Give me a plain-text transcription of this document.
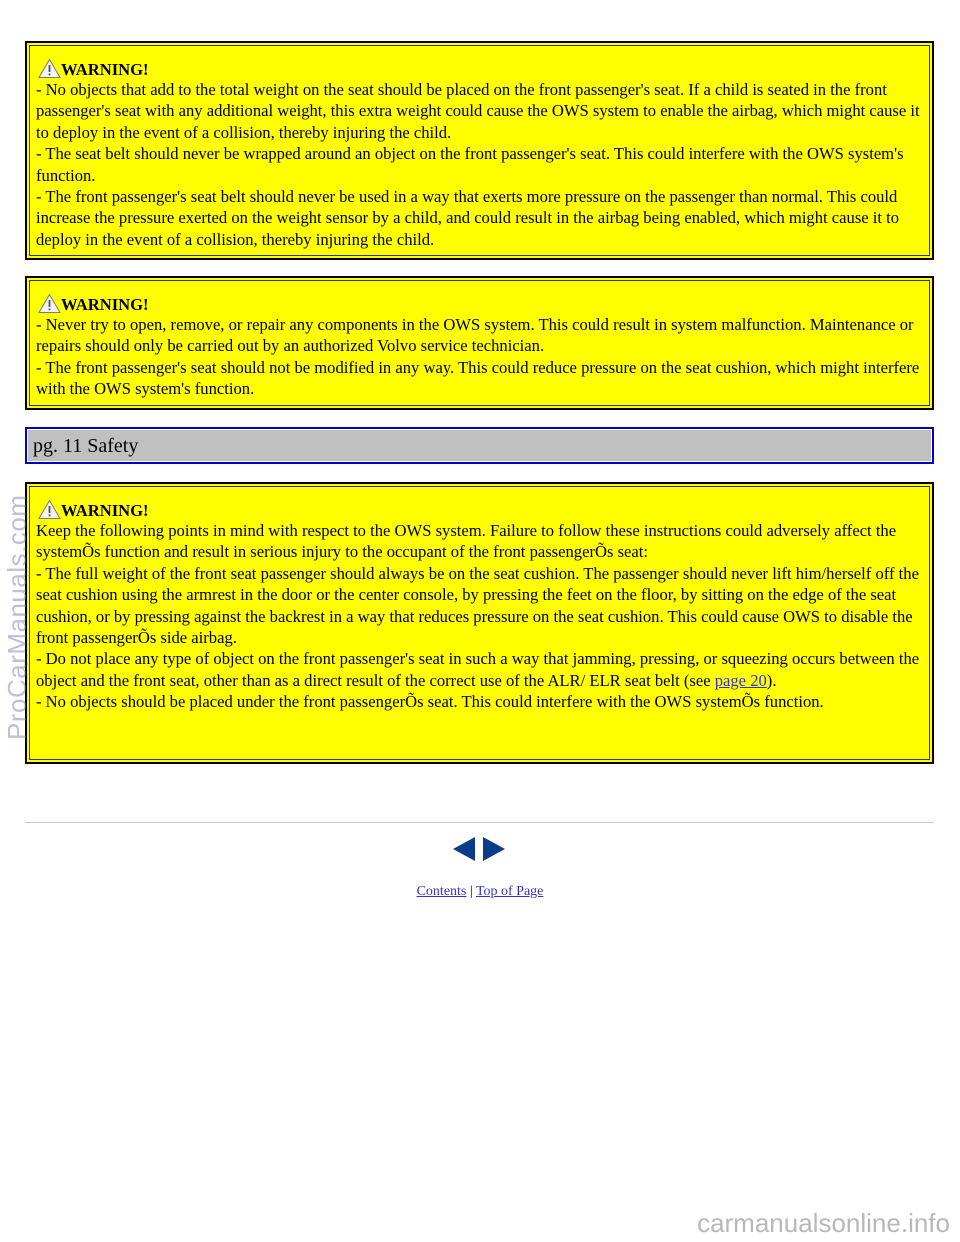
WARNING!

- No objects that add to the total weight on the seat should be placed on the front passenger's seat. If a child is seated in the front passenger's seat with any additional weight, this extra weight could cause the OWS system to enable the airbag, which might cause it to deploy in the event of a collision, thereby injuring the child.

- The seat belt should never be wrapped around an object on the front passenger's seat. This could interfere with the OWS system's function.

- The front passenger's seat belt should never be used in a way that exerts more pressure on the passenger than normal. This could increase the pressure exerted on the weight sensor by a child, and could result in the airbag being enabled, which might cause it to deploy in the event of a collision, thereby injuring the child.

WARNING!

- Never try to open, remove, or repair any components in the OWS system. This could result in system malfunction. Maintenance or repairs should only be carried out by an authorized Volvo service technician.

- The front passenger's seat should not be modified in any way. This could reduce pressure on the seat cushion, which might interfere with the OWS system's function.

pg. 11 Safety
WARNING!

Keep the following points in mind with respect to the OWS system. Failure to follow these instructions could adversely affect the systemÕs function and result in serious injury to the occupant of the front passengerÕs seat:

- The full weight of the front seat passenger should always be on the seat cushion. The passenger should never lift him/herself off the seat cushion using the armrest in the door or the center console, by pressing the feet on the floor, by sitting on the edge of the seat cushion, or by pressing against the backrest in a way that reduces pressure on the seat cushion. This could cause OWS to disable the front passengerÕs side airbag.

- Do not place any type of object on the front passenger's seat in such a way that jamming, pressing, or squeezing occurs between the object and the front seat, other than as a direct result of the correct use of the ALR/ ELR seat belt (see page 20).

- No objects should be placed under the front passengerÕs seat. This could interfere with the OWS systemÕs function.

Contents | Top of Page
ProCarManuals.com
carmanualsonline.info
